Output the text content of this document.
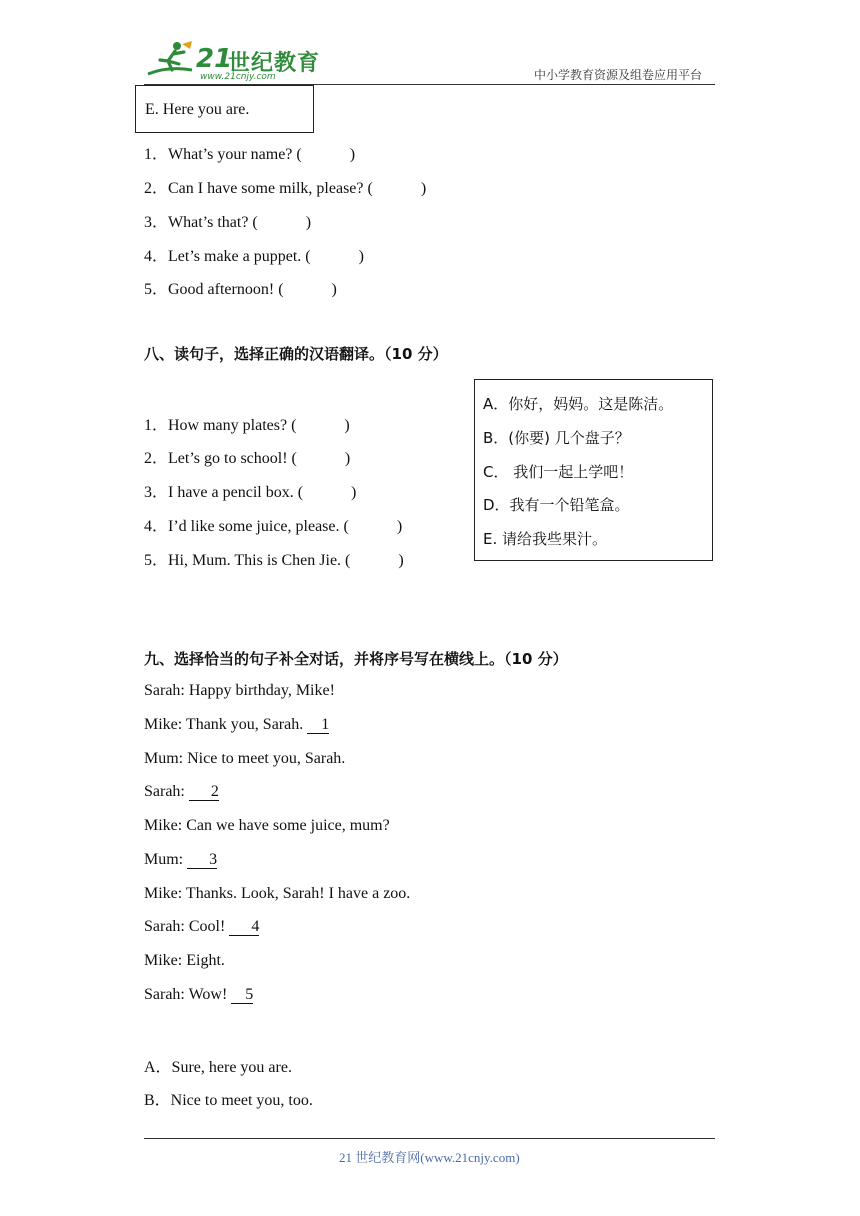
21
世纪教育
www.21cnjy.com	中小学教育资源及组卷应用平台
E. Here you are.
1．What’s your name? (　　　)
2．Can I have some milk, please? (　　　)
3．What’s that? (　　　)
4．Let’s make a puppet. (　　　)
5．Good afternoon! (　　　)
八、读句子，选择正确的汉语翻译。（10 分）
1．How many plates? (　　　)
2．Let’s go to school! (　　　)
3．I have a pencil box. (　　　)
4．I’d like some juice, please. (　　　)
5．Hi, Mum. This is Chen Jie. (　　　)
A．你好，妈妈。这是陈洁。
B．(你要) 几个盘子？
C． 我们一起上学吧！
D．我有一个铅笔盒。
E. 请给我些果汁。
九、选择恰当的句子补全对话，并将序号写在横线上。（10 分）
Sarah: Happy birthday, Mike!
Mike: Thank you, Sarah. 1
Mum: Nice to meet you, Sarah.
Sarah: 2
Mike: Can we have some juice, mum?
Mum: 3
Mike: Thanks. Look, Sarah! I have a zoo.
Sarah: Cool! 4
Mike: Eight.
Sarah: Wow! 5
A．Sure, here you are.
B．Nice to meet you, too.
21 世纪教育网(www.21cnjy.com)
